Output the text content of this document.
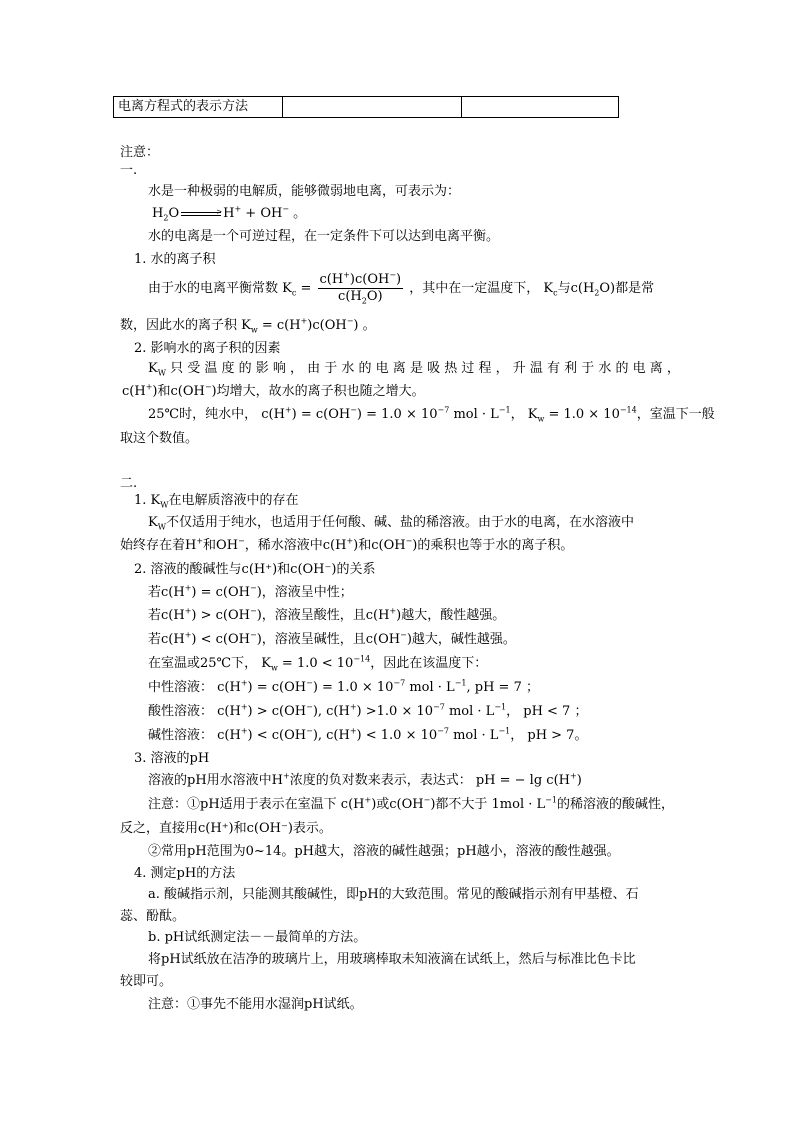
电离方程式的表示方法		
注意：
一.
水是一种极弱的电解质，能够微弱地电离，可表示为：
$H_2O$	> H+ + OH− 。
水的电离是一个可逆过程，在一定条件下可以达到电离平衡。
1. 水的离子积
由于水的电离平衡常数 $K_c = \frac{c(H^+)c(OH^-)}{c(H_2O)}$ ，其中在一定温度下， $K_c$与$c(H_2O)$都是常
数，因此水的离子积 $K_w = c(H^+)c(OH^-)$ 。
2. 影响水的离子积的因素
$K_W$ 只 受 温 度 的 影 响 ， 由 于 水 的 电 离 是 吸 热 过 程 ， 升 温 有 利 于 水 的 电 离 ，
c(H+)和c(OH−)均增大，故水的离子积也随之增大。
25℃时，纯水中， $c(H^+) = c(OH^-) = 1.0 \times 10^{-7}$ mol · $L^{-1}$， $K_w = 1.0 \times 10^{-14}$，室温下一般
取这个数值。
二.
1. $K_W$在电解质溶液中的存在
$K_W$不仅适用于纯水，也适用于任何酸、碱、盐的稀溶液。由于水的电离，在水溶液中
始终存在着H+和OH−，稀水溶液中c(H+)和c(OH−)的乘积也等于水的离子积。
2. 溶液的酸碱性与c(H⁺)和c(OH⁻)的关系
若c(H+) = c(OH−)，溶液呈中性；
若c(H+) > c(OH−)，溶液呈酸性，且c(H+)越大，酸性越强。
若c(H+) < c(OH−)，溶液呈碱性，且c(OH−)越大，碱性越强。
在室温或25℃下， $K_w = 1.0 < 10^{-14}$，因此在该温度下：
中性溶液： $c(H^+) = c(OH^-) = 1.0 \times 10^{-7}$ mol · $L^{-1}$, pH = 7 ；
酸性溶液： c(H+) > c(OH−), $c(H^+) >1.0 \times 10^{-7}$ mol · $L^{-1}$， pH < 7 ；
碱性溶液： c(H+) < c(OH−), $c(H^+) < 1.0 \times 10^{-7}$ mol · $L^{-1}$， pH > 7。
3. 溶液的pH
溶液的pH用水溶液中H+浓度的负对数来表示，表达式： pH = − lg c(H+)
注意：①pH适用于表示在室温下 c(H+)或c(OH−)都不大于 $1mol \cdot L^{-1}$的稀溶液的酸碱性，
反之，直接用c(H⁺)和c(OH⁻)表示。
②常用pH范围为0~14。pH越大，溶液的碱性越强；pH越小，溶液的酸性越强。
4. 测定pH的方法
a. 酸碱指示剂，只能测其酸碱性，即pH的大致范围。常见的酸碱指示剂有甲基橙、石
蕊、酚酞。
b. pH试纸测定法－－最简单的方法。
将pH试纸放在洁净的玻璃片上，用玻璃棒取未知液滴在试纸上，然后与标准比色卡比
较即可。
注意：①事先不能用水湿润pH试纸。
